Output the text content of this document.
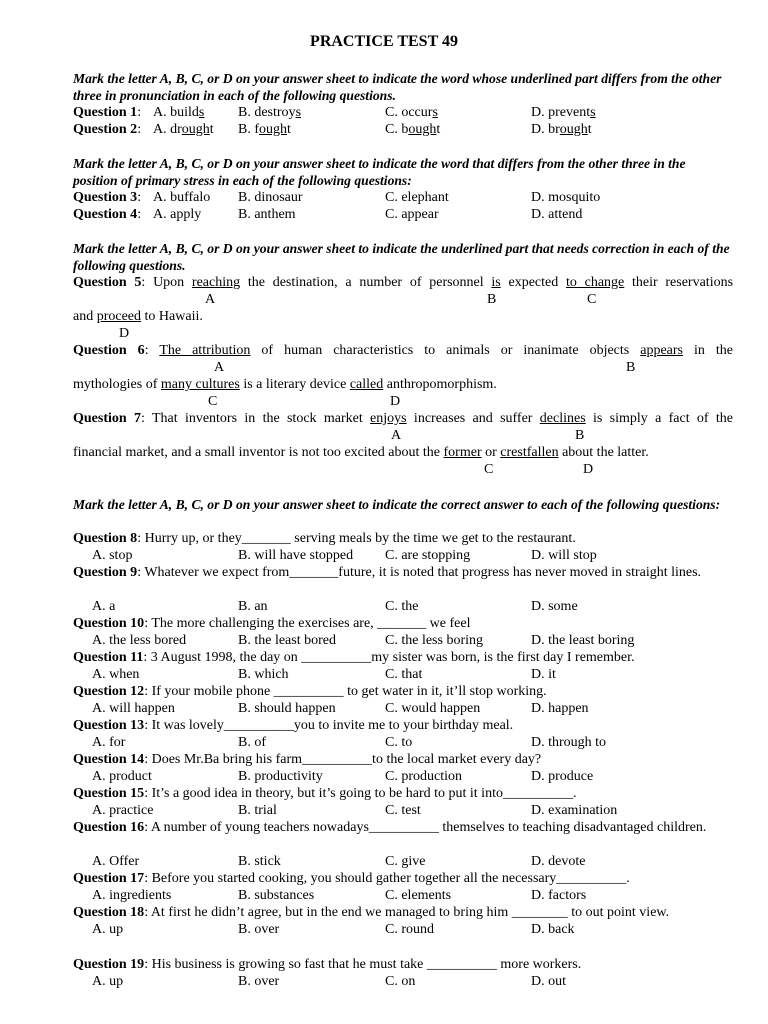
PRACTICE TEST 49
Mark the letter A, B, C, or D on your answer sheet to indicate the word whose underlined part differs from the other three in pronunciation in each of the following questions.
Question 1: A. builds B. destroys	C. occurs	D. prevents
Question 2: A. drought B. fought	C. bought	D. brought
Mark the letter A, B, C, or D on your answer sheet to indicate the word that differs from the other three in the position of primary stress in each of the following questions:
Question 3: A. buffalo B. dinosaur	C. elephant	D. mosquito
Question 4: A. apply	B. anthem	C. appear	D. attend
Mark the letter A, B, C, or D on your answer sheet to indicate the underlined part that needs correction in each of the following questions.
Question 5: Upon reaching the destination, a number of personnel is expected to change their reservations
A	B	C
and proceed to Hawaii.
D
Question 6: The attribution of human characteristics to animals or inanimate objects appears in the
A	B
mythologies of many cultures is a literary device called anthropomorphism.
C	D
Question 7: That inventors in the stock market enjoys increases and suffer declines is simply a fact of the
A	B
financial market, and a small inventor is not too excited about the former or crestfallen about the latter.
C	D
Mark the letter A, B, C, or D on your answer sheet to indicate the correct answer to each of the following questions:
Question 8: Hurry up, or they_______ serving meals by the time we get to the restaurant.
A. stop	B. will have stopped C. are stopping	D. will stop
Question 9: Whatever we expect from_______future, it is noted that progress has never moved in straight lines.
A. a	B. an	C. the	D. some
Question 10: The more challenging the exercises are, _______ we feel
A. the less bored	B. the least bored	C. the less boring	D. the least boring
Question 11: 3 August 1998, the day on __________my sister was born, is the first day I remember.
A. when	B. which	C. that	D. it
Question 12: If your mobile phone __________ to get water in it, it’ll stop working.
A. will happen	B. should happen	C. would happen	D. happen
Question 13: It was lovely__________you to invite me to your birthday meal.
A. for	B. of	C. to	D. through to
Question 14: Does Mr.Ba bring his farm__________to the local market every day?
A. product	B. productivity	C. production	D. produce
Question 15: It’s a good idea in theory, but it’s going to be hard to put it into__________.
A. practice	B. trial	C. test	D. examination
Question 16: A number of young teachers nowadays__________ themselves to teaching disadvantaged children.
A. Offer	B. stick	C. give	D. devote
Question 17: Before you started cooking, you should gather together all the necessary__________.
A. ingredients	B. substances	C. elements	D. factors
Question 18: At first he didn’t agree, but in the end we managed to bring him ________ to out point view.
A. up	B. over	C. round	D. back
Question 19: His business is growing so fast that he must take __________ more workers.
A. up	B. over	C. on	D. out
